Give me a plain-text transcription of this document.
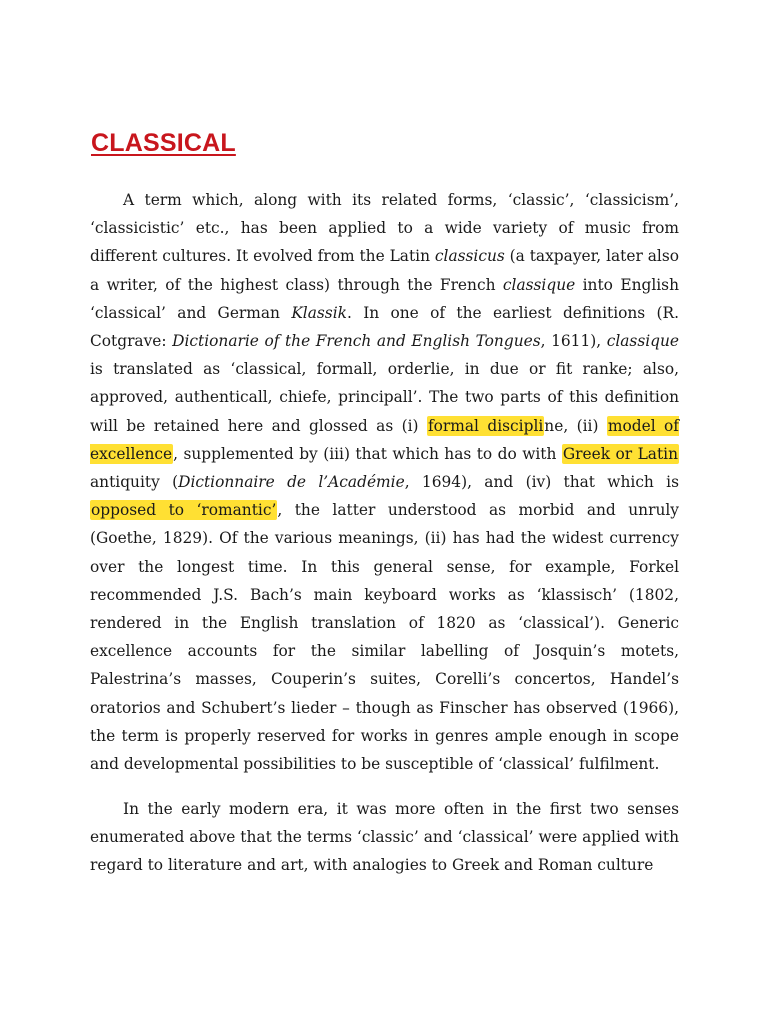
CLASSICAL

A term which, along with its related forms, ‘classic’, ‘classicism’, ‘classicistic’ etc., has been applied to a wide variety of music from different cultures. It evolved from the Latin classicus (a taxpayer, later also a writer, of the highest class) through the French classique into English ‘classical’ and German Klassik. In one of the earliest definitions (R. Cotgrave: Dictionarie of the French and English Tongues, 1611), classique is translated as ‘classical, formall, orderlie, in due or fit ranke; also, approved, authenticall, chiefe, principall’. The two parts of this definition will be retained here and glossed as (i) formal discipline, (ii) model of excellence, supplemented by (iii) that which has to do with Greek or Latin antiquity (Dictionnaire de l’Académie, 1694), and (iv) that which is opposed to ‘romantic’, the latter understood as morbid and unruly (Goethe, 1829). Of the various meanings, (ii) has had the widest currency over the longest time. In this general sense, for example, Forkel recommended J.S. Bach’s main keyboard works as ‘klassisch’ (1802, rendered in the English translation of 1820 as ‘classical’). Generic excellence accounts for the similar labelling of Josquin’s motets, Palestrina’s masses, Couperin’s suites, Corelli’s concertos, Handel’s oratorios and Schubert’s lieder – though as Finscher has observed (1966), the term is properly reserved for works in genres ample enough in scope and developmental possibilities to be susceptible of ‘classical’ fulfilment.

In the early modern era, it was more often in the first two senses enumerated above that the terms ‘classic’ and ‘classical’ were applied with regard to literature and art, with analogies to Greek and Roman culture
